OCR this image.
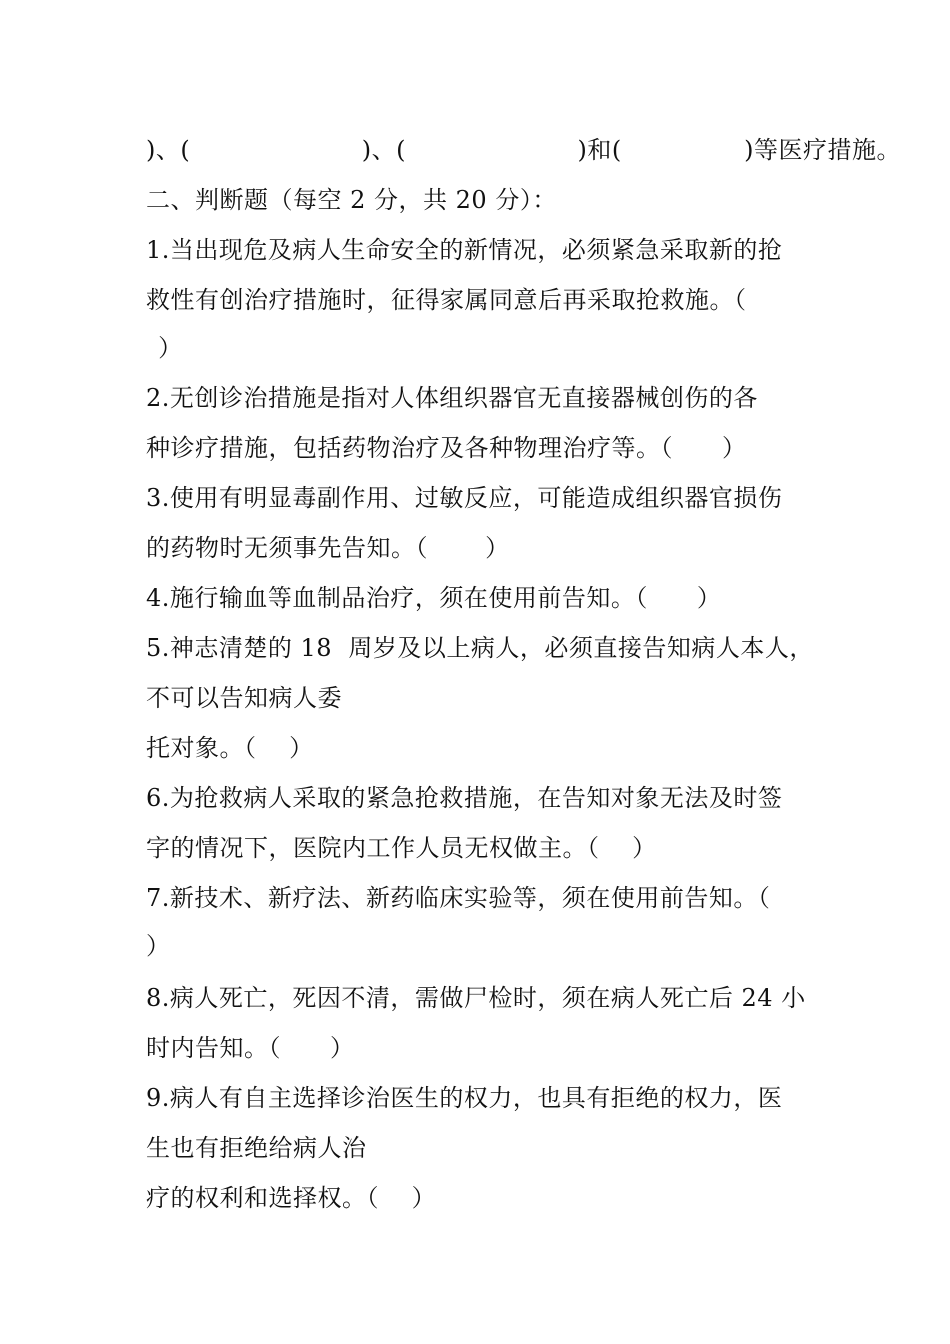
)、(　　　　　　　)、(　　　　　　　)和(　　　　　)等医疗措施。
二、判断题（每空 2 分，共 20 分）：
1.当出现危及病人生命安全的新情况，必须紧急采取新的抢
救性有创治疗措施时，征得家属同意后再采取抢救施。（
）
2.无创诊治措施是指对人体组织器官无直接器械创伤的各
种诊疗措施，包括药物治疗及各种物理治疗等。（　　）
3.使用有明显毒副作用、过敏反应，可能造成组织器官损伤
的药物时无须事先告知。（　　 ）
4.施行输血等血制品治疗，须在使用前告知。（　　）
5.神志清楚的 18  周岁及以上病人，必须直接告知病人本人，
不可以告知病人委
托对象。（　 ）
6.为抢救病人采取的紧急抢救措施，在告知对象无法及时签
字的情况下，医院内工作人员无权做主。（　 ）
7.新技术、新疗法、新药临床实验等，须在使用前告知。（
）
8.病人死亡，死因不清，需做尸检时，须在病人死亡后 24 小
时内告知。（　　）
9.病人有自主选择诊治医生的权力，也具有拒绝的权力，医
生也有拒绝给病人治
疗的权利和选择权。（　 ）
